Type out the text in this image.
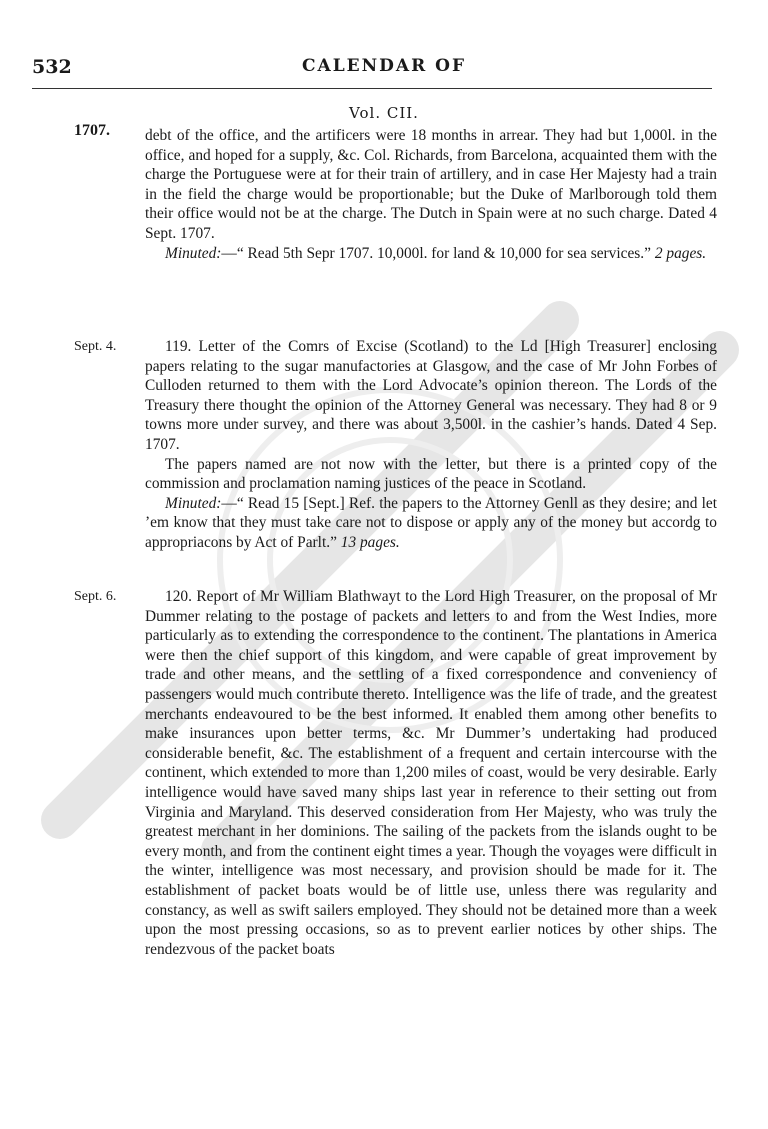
532	CALENDAR OF
Vol. CII.
1707.
Sept. 4.
Sept. 6.

debt of the office, and the artificers were 18 months in arrear. They had but 1,000l. in the office, and hoped for a supply, &c. Col. Richards, from Barcelona, acquainted them with the charge the Portuguese were at for their train of artillery, and in case Her Majesty had a train in the field the charge would be proportionable; but the Duke of Marlborough told them their office would not be at the charge. The Dutch in Spain were at no such charge. Dated 4 Sept. 1707.

Minuted:—“ Read 5th Sepr 1707. 10,000l. for land & 10,000 for sea services.” 2 pages.

119. Letter of the Comrs of Excise (Scotland) to the Ld [High Treasurer] enclosing papers relating to the sugar manufactories at Glasgow, and the case of Mr John Forbes of Culloden returned to them with the Lord Advocate’s opinion thereon. The Lords of the Treasury there thought the opinion of the Attorney General was necessary. They had 8 or 9 towns more under survey, and there was about 3,500l. in the cashier’s hands. Dated 4 Sep. 1707.

The papers named are not now with the letter, but there is a printed copy of the commission and proclamation naming justices of the peace in Scotland.

Minuted:—“ Read 15 [Sept.] Ref. the papers to the Attorney Genll as they desire; and let ’em know that they must take care not to dispose or apply any of the money but accordg to appropriacons by Act of Parlt.” 13 pages.

120. Report of Mr William Blathwayt to the Lord High Treasurer, on the proposal of Mr Dummer relating to the postage of packets and letters to and from the West Indies, more particularly as to extending the correspondence to the continent. The plantations in America were then the chief support of this kingdom, and were capable of great improvement by trade and other means, and the settling of a fixed correspondence and conveniency of passengers would much contribute thereto. Intelligence was the life of trade, and the greatest merchants endeavoured to be the best informed. It enabled them among other benefits to make insurances upon better terms, &c. Mr Dummer’s undertaking had produced considerable benefit, &c. The establishment of a frequent and certain intercourse with the continent, which extended to more than 1,200 miles of coast, would be very desirable. Early intelligence would have saved many ships last year in reference to their setting out from Virginia and Maryland. This deserved consideration from Her Majesty, who was truly the greatest merchant in her dominions. The sailing of the packets from the islands ought to be every month, and from the continent eight times a year. Though the voyages were difficult in the winter, intelligence was most necessary, and provision should be made for it. The establishment of packet boats would be of little use, unless there was regularity and constancy, as well as swift sailers employed. They should not be detained more than a week upon the most pressing occasions, so as to prevent earlier notices by other ships. The rendezvous of the packet boats
